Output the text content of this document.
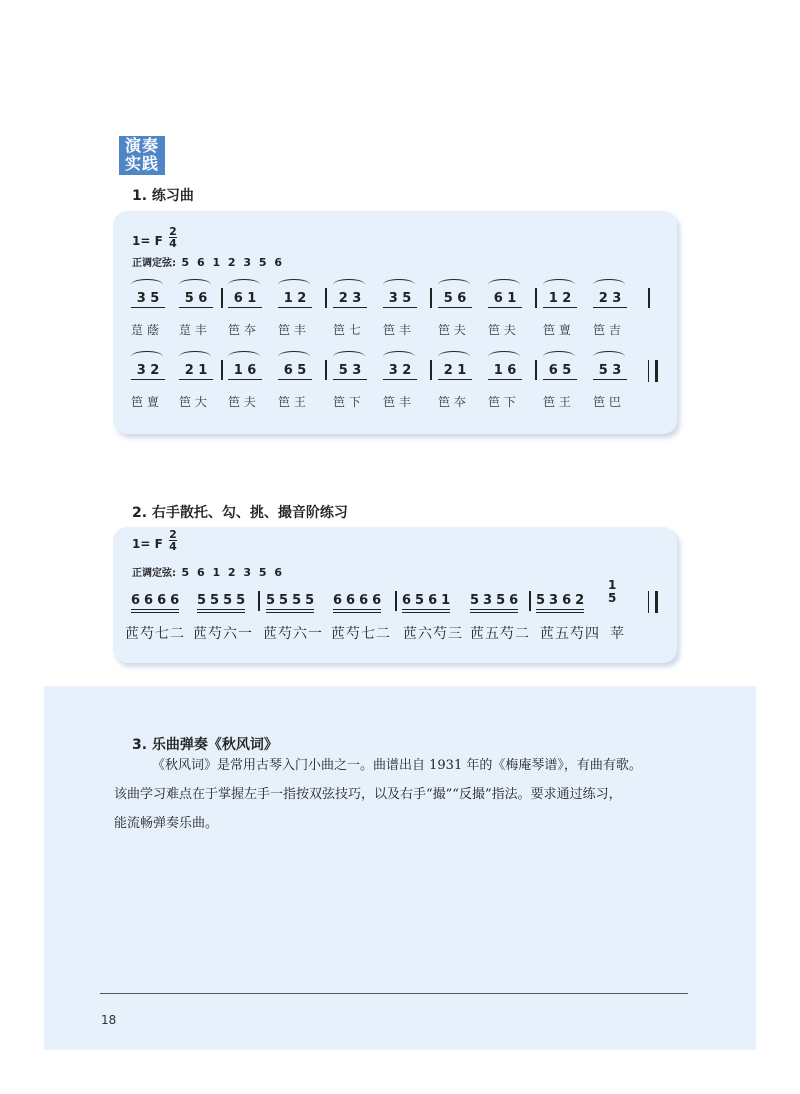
演奏
实践
1. 练习曲
1= F
2
4
正调定弦: 5 6 1 2 3 5 6
3 5	5 6	6 1	1 2	2 3	3 5	5 6	6 1	1 2	2 3
莡 蔭 莡 丰 笆 夲 笆 丰 笆 七 笆 丰 笆 夫 笆 夫 笆 亶 笆 吉
3 2	2 1	1 6	6 5	5 3	3 2	2 1	1 6	6 5	5 3
笆 亶 笆 大 笆 夫 笆 王 笆 下 笆 丰 笆 夲 笆 下 笆 王 笆 巴
2. 右手散托、勾、挑、撮音阶练习
1= F
2
4
正调定弦: 5 6 1 2 3 5 6
6666 5555 5555 6666 6561 5356 5362
1
5
苉芍七二 苉芍六一 苉芍六一 苉芍七二 苉六芍三 苉五芍二 苉五芍四 苹
3. 乐曲弹奏《秋风词》
《秋风词》是常用古琴入门小曲之一。曲谱出自 1931 年的《梅庵琴谱》，有曲有歌。
该曲学习难点在于掌握左手一指按双弦技巧，以及右手“撮”“反撮”指法。要求通过练习，
能流畅弹奏乐曲。
18
